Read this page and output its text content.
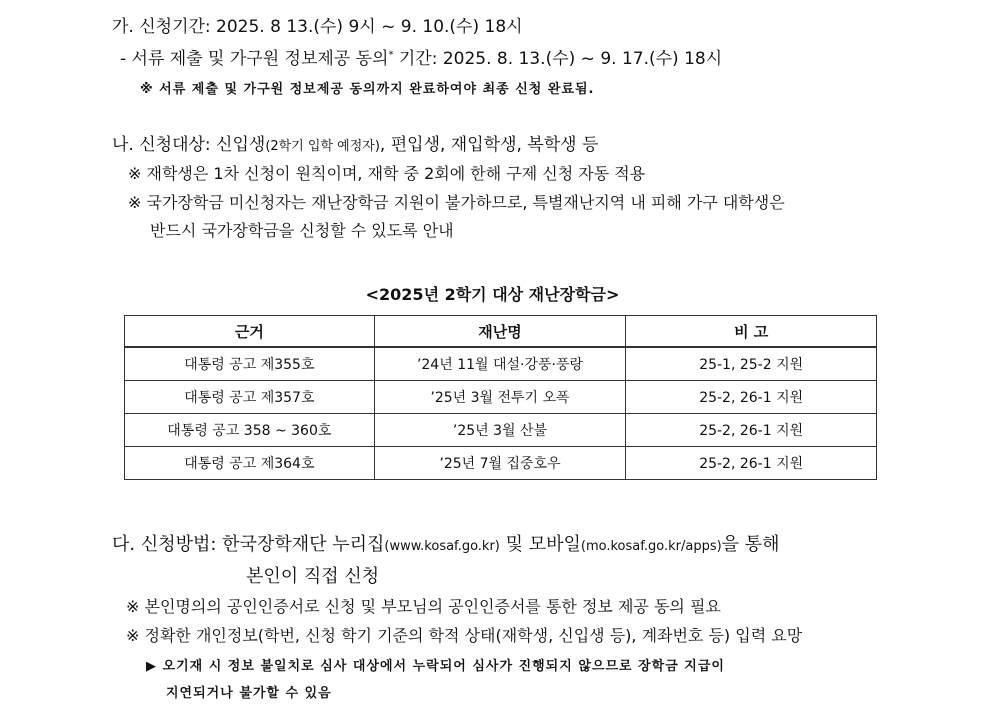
가. 신청기간: 2025. 8 13.(수) 9시 ~ 9. 10.(수) 18시
- 서류 제출 및 가구원 정보제공 동의* 기간: 2025. 8. 13.(수) ~ 9. 17.(수) 18시
※ 서류 제출 및 가구원 정보제공 동의까지 완료하여야 최종 신청 완료됨.
나. 신청대상: 신입생(2학기 입학 예정자), 편입생, 재입학생, 복학생 등
※ 재학생은 1차 신청이 원칙이며, 재학 중 2회에 한해 구제 신청 자동 적용
※ 국가장학금 미신청자는 재난장학금 지원이 불가하므로, 특별재난지역 내 피해 가구 대학생은
반드시 국가장학금을 신청할 수 있도록 안내
<2025년 2학기 대상 재난장학금>
근거	재난명	비 고
대통령 공고 제355호	’24년 11월 대설·강풍·풍랑	25-1, 25-2 지원
대통령 공고 제357호	’25년 3월 전투기 오폭	25-2, 26-1 지원
대통령 공고 358 ~ 360호	’25년 3월 산불	25-2, 26-1 지원
대통령 공고 제364호	’25년 7월 집중호우	25-2, 26-1 지원
다. 신청방법: 한국장학재단 누리집(www.kosaf.go.kr) 및 모바일(mo.kosaf.go.kr/apps)을 통해
본인이 직접 신청
※ 본인명의의 공인인증서로 신청 및 부모님의 공인인증서를 통한 정보 제공 동의 필요
※ 정확한 개인정보(학번, 신청 학기 기준의 학적 상태(재학생, 신입생 등), 계좌번호 등) 입력 요망
▶ 오기재 시 정보 불일치로 심사 대상에서 누락되어 심사가 진행되지 않으므로 장학금 지급이
지연되거나 불가할 수 있음
